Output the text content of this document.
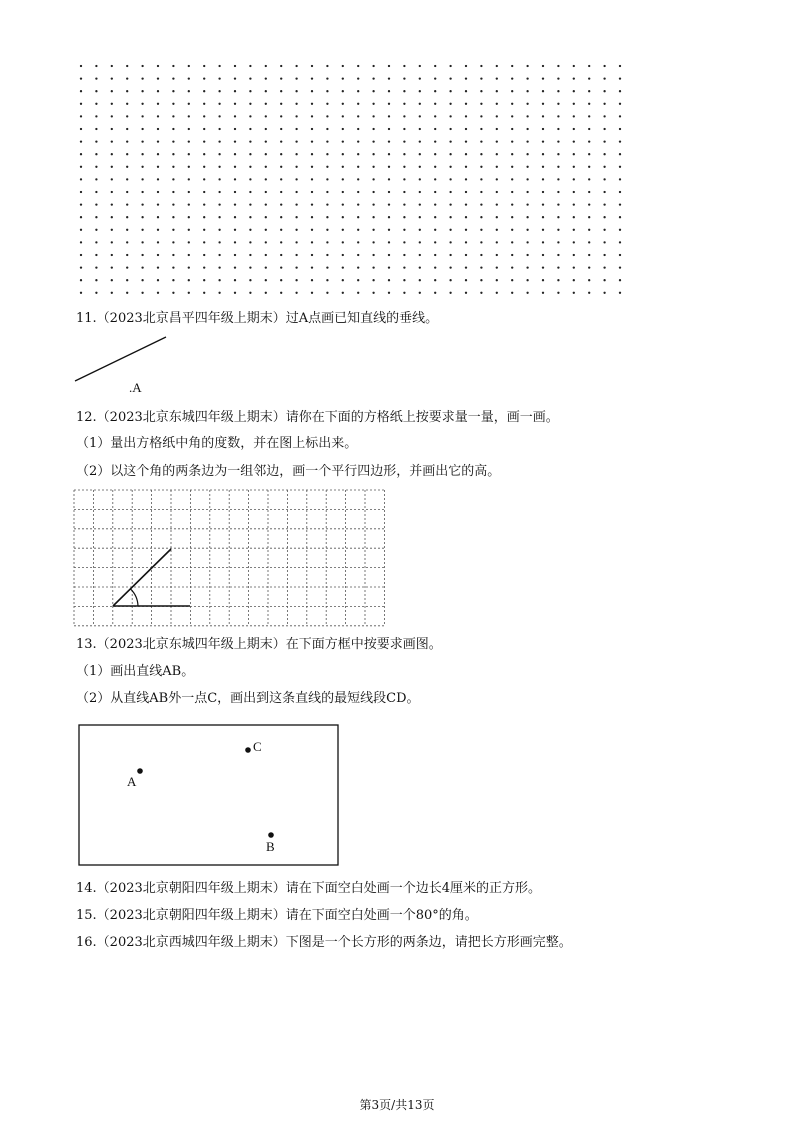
11.（2023北京昌平四年级上期末）过A点画已知直线的垂线。
.A
12.（2023北京东城四年级上期末）请你在下面的方格纸上按要求量一量，画一画。
（1）量出方格纸中角的度数，并在图上标出来。
（2）以这个角的两条边为一组邻边，画一个平行四边形，并画出它的高。
13.（2023北京东城四年级上期末）在下面方框中按要求画图。
（1）画出直线AB。
（2）从直线AB外一点C，画出到这条直线的最短线段CD。
A
C
B
14.（2023北京朝阳四年级上期末）请在下面空白处画一个边长4厘米的正方形。
15.（2023北京朝阳四年级上期末）请在下面空白处画一个80°的角。
16.（2023北京西城四年级上期末）下图是一个长方形的两条边，请把长方形画完整。
第3页/共13页
